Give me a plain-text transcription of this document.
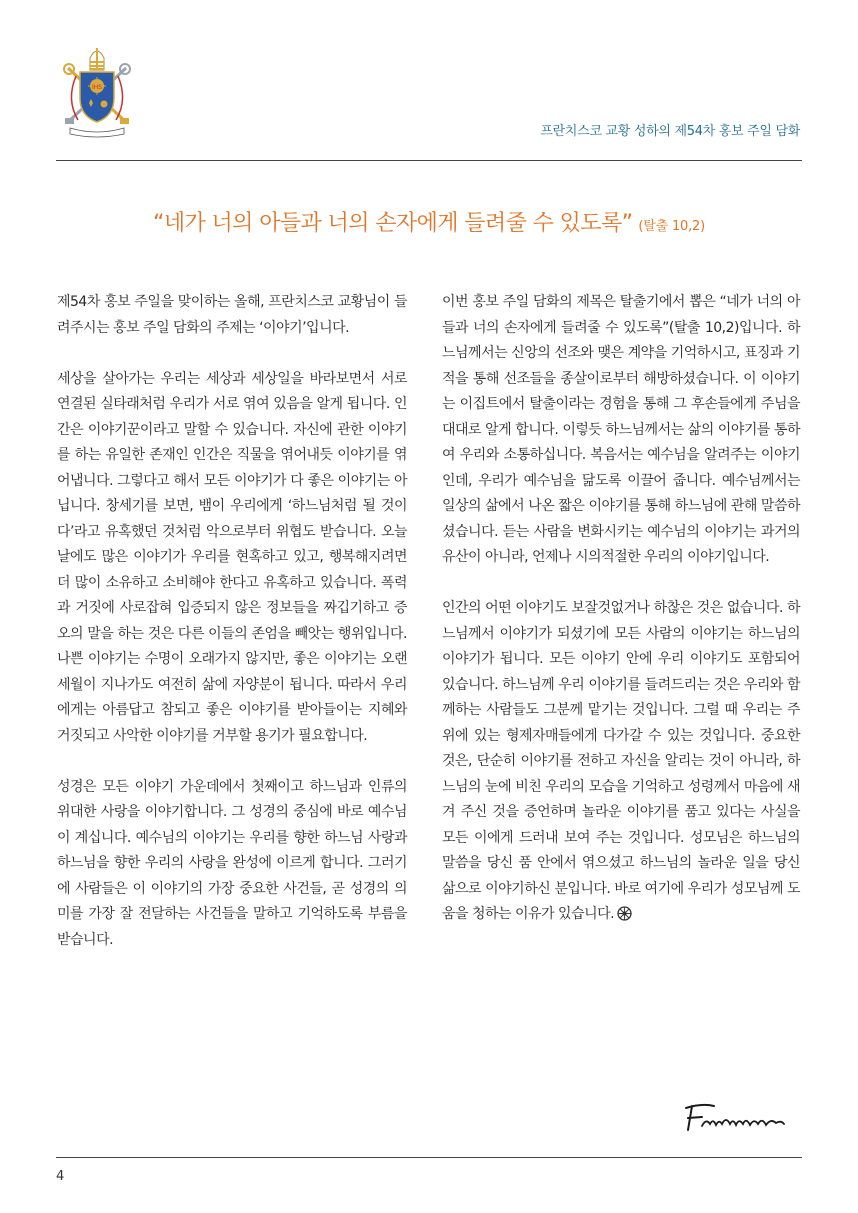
IHS
프란치스코 교황 성하의 제54차 홍보 주일 담화
“네가 너의 아들과 너의 손자에게 들려줄 수 있도록” (탈출 10,2)

제54차 홍보 주일을 맞이하는 올해, 프란치스코 교황님이 들려주시는 홍보 주일 담화의 주제는 ‘이야기’입니다.

세상을 살아가는 우리는 세상과 세상일을 바라보면서 서로 연결된 실타래처럼 우리가 서로 엮여 있음을 알게 됩니다. 인간은 이야기꾼이라고 말할 수 있습니다. 자신에 관한 이야기를 하는 유일한 존재인 인간은 직물을 엮어내듯 이야기를 엮어냅니다. 그렇다고 해서 모든 이야기가 다 좋은 이야기는 아닙니다. 창세기를 보면, 뱀이 우리에게 ‘하느님처럼 될 것이다’라고 유혹했던 것처럼 악으로부터 위협도 받습니다. 오늘날에도 많은 이야기가 우리를 현혹하고 있고, 행복해지려면 더 많이 소유하고 소비해야 한다고 유혹하고 있습니다. 폭력과 거짓에 사로잡혀 입증되지 않은 정보들을 짜깁기하고 증오의 말을 하는 것은 다른 이들의 존엄을 빼앗는 행위입니다. 나쁜 이야기는 수명이 오래가지 않지만, 좋은 이야기는 오랜 세월이 지나가도 여전히 삶에 자양분이 됩니다. 따라서 우리에게는 아름답고 참되고 좋은 이야기를 받아들이는 지혜와 거짓되고 사악한 이야기를 거부할 용기가 필요합니다.

성경은 모든 이야기 가운데에서 첫째이고 하느님과 인류의 위대한 사랑을 이야기합니다. 그 성경의 중심에 바로 예수님이 계십니다. 예수님의 이야기는 우리를 향한 하느님 사랑과 하느님을 향한 우리의 사랑을 완성에 이르게 합니다. 그러기에 사람들은 이 이야기의 가장 중요한 사건들, 곧 성경의 의미를 가장 잘 전달하는 사건들을 말하고 기억하도록 부름을 받습니다.

이번 홍보 주일 담화의 제목은 탈출기에서 뽑은 “네가 너의 아들과 너의 손자에게 들려줄 수 있도록”(탈출 10,2)입니다. 하느님께서는 신앙의 선조와 맺은 계약을 기억하시고, 표징과 기적을 통해 선조들을 종살이로부터 해방하셨습니다. 이 이야기는 이집트에서 탈출이라는 경험을 통해 그 후손들에게 주님을 대대로 알게 합니다. 이렇듯 하느님께서는 삶의 이야기를 통하여 우리와 소통하십니다. 복음서는 예수님을 알려주는 이야기인데, 우리가 예수님을 닮도록 이끌어 줍니다. 예수님께서는 일상의 삶에서 나온 짧은 이야기를 통해 하느님에 관해 말씀하셨습니다. 듣는 사람을 변화시키는 예수님의 이야기는 과거의 유산이 아니라, 언제나 시의적절한 우리의 이야기입니다.

인간의 어떤 이야기도 보잘것없거나 하찮은 것은 없습니다. 하느님께서 이야기가 되셨기에 모든 사람의 이야기는 하느님의 이야기가 됩니다. 모든 이야기 안에 우리 이야기도 포함되어 있습니다. 하느님께 우리 이야기를 들려드리는 것은 우리와 함께하는 사람들도 그분께 맡기는 것입니다. 그럴 때 우리는 주위에 있는 형제자매들에게 다가갈 수 있는 것입니다. 중요한 것은, 단순히 이야기를 전하고 자신을 알리는 것이 아니라, 하느님의 눈에 비친 우리의 모습을 기억하고 성령께서 마음에 새겨 주신 것을 증언하며 놀라운 이야기를 품고 있다는 사실을 모든 이에게 드러내 보여 주는 것입니다. 성모님은 하느님의 말씀을 당신 품 안에서 엮으셨고 하느님의 놀라운 일을 당신 삶으로 이야기하신 분입니다. 바로 여기에 우리가 성모님께 도움을 청하는 이유가 있습니다.

4
